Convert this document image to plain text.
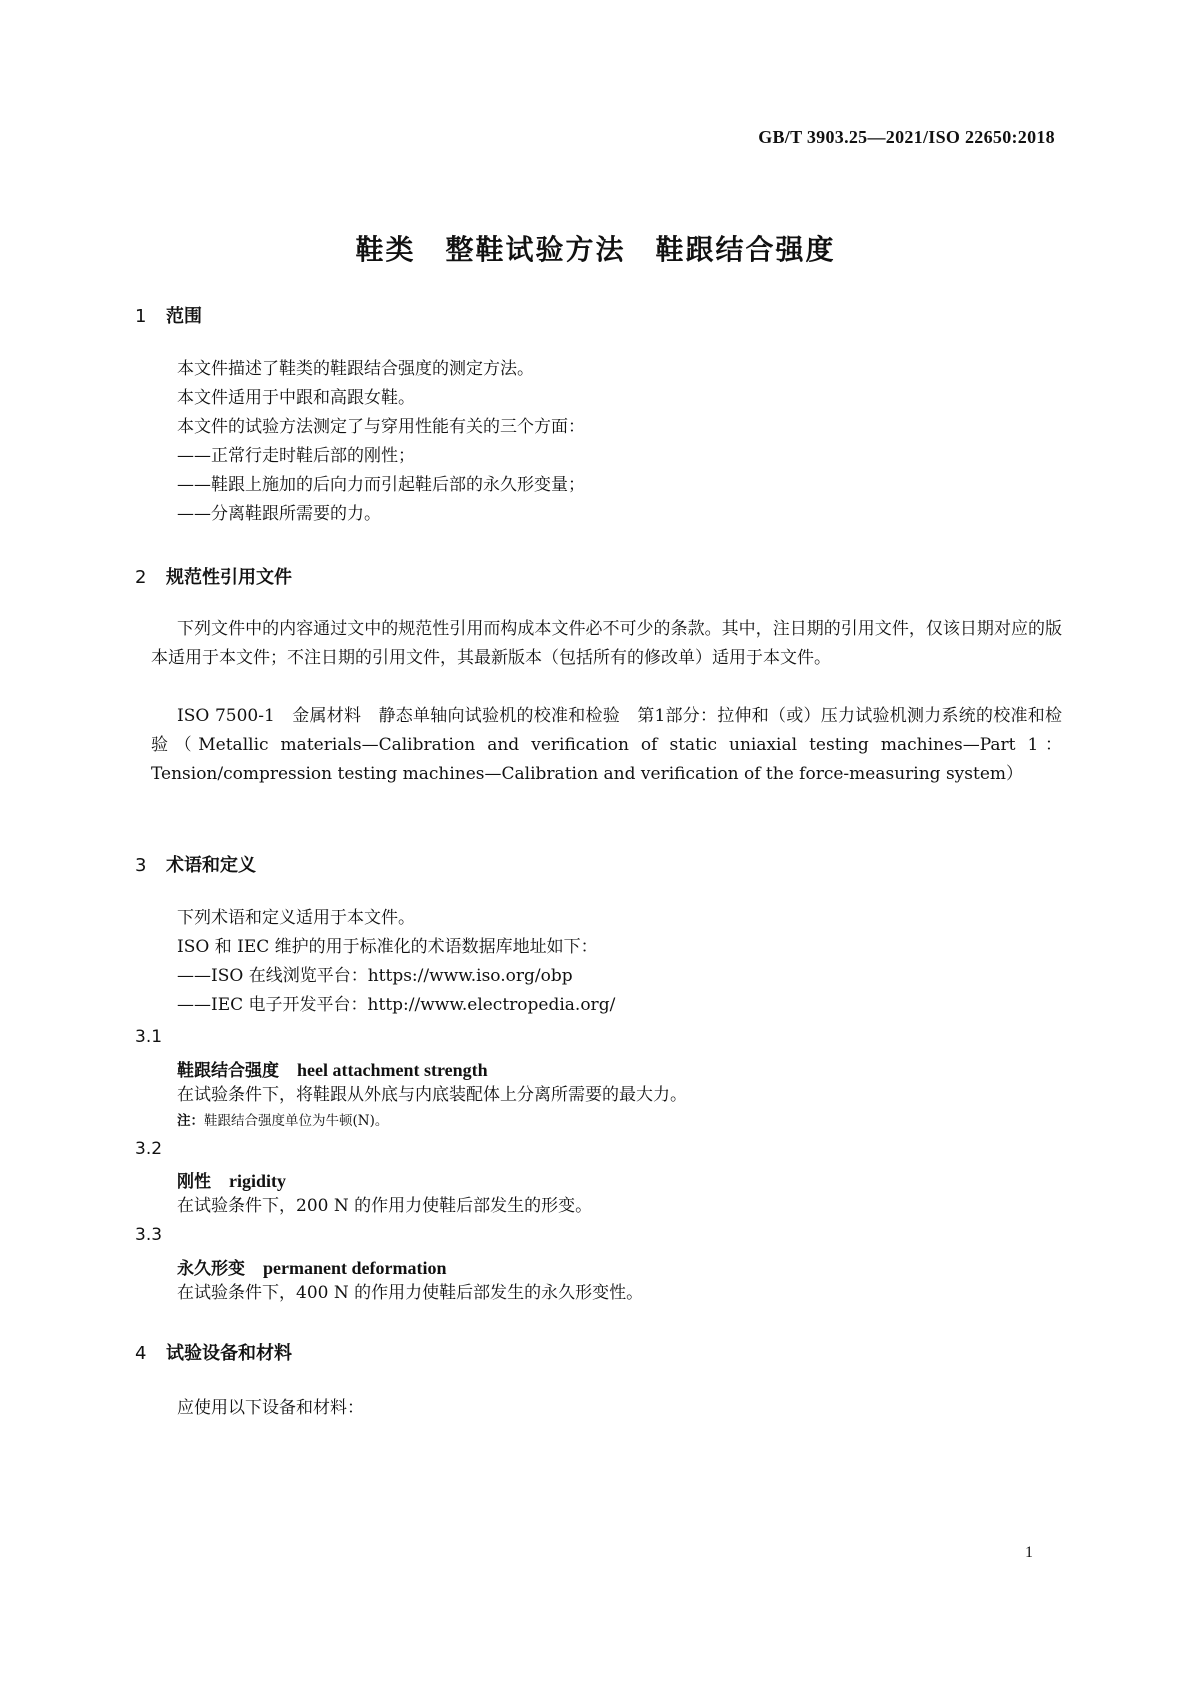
GB/T 3903.25—2021/ISO 22650:2018
鞋类　整鞋试验方法　鞋跟结合强度
1 范围
本文件描述了鞋类的鞋跟结合强度的测定方法。
本文件适用于中跟和高跟女鞋。
本文件的试验方法测定了与穿用性能有关的三个方面：
——正常行走时鞋后部的刚性；
——鞋跟上施加的后向力而引起鞋后部的永久形变量；
——分离鞋跟所需要的力。
2 规范性引用文件
下列文件中的内容通过文中的规范性引用而构成本文件必不可少的条款。其中，注日期的引用文件，仅该日期对应的版本适用于本文件；不注日期的引用文件，其最新版本（包括所有的修改单）适用于本文件。
ISO 7500-1　金属材料　静态单轴向试验机的校准和检验　第1部分：拉伸和（或）压力试验机测力系统的校准和检验（Metallic materials—Calibration and verification of static uniaxial testing machines—Part 1：Tension/compression testing machines—Calibration and verification of the force-measuring system）
3 术语和定义
下列术语和定义适用于本文件。
ISO 和 IEC 维护的用于标准化的术语数据库地址如下：
——ISO 在线浏览平台：https://www.iso.org/obp
——IEC 电子开发平台：http://www.electropedia.org/
3.1
鞋跟结合强度 heel attachment strength
在试验条件下，将鞋跟从外底与内底装配体上分离所需要的最大力。
注：鞋跟结合强度单位为牛顿(N)。
3.2
刚性 rigidity
在试验条件下，200 N 的作用力使鞋后部发生的形变。
3.3
永久形变 permanent deformation
在试验条件下，400 N 的作用力使鞋后部发生的永久形变性。
4 试验设备和材料
应使用以下设备和材料：
1
